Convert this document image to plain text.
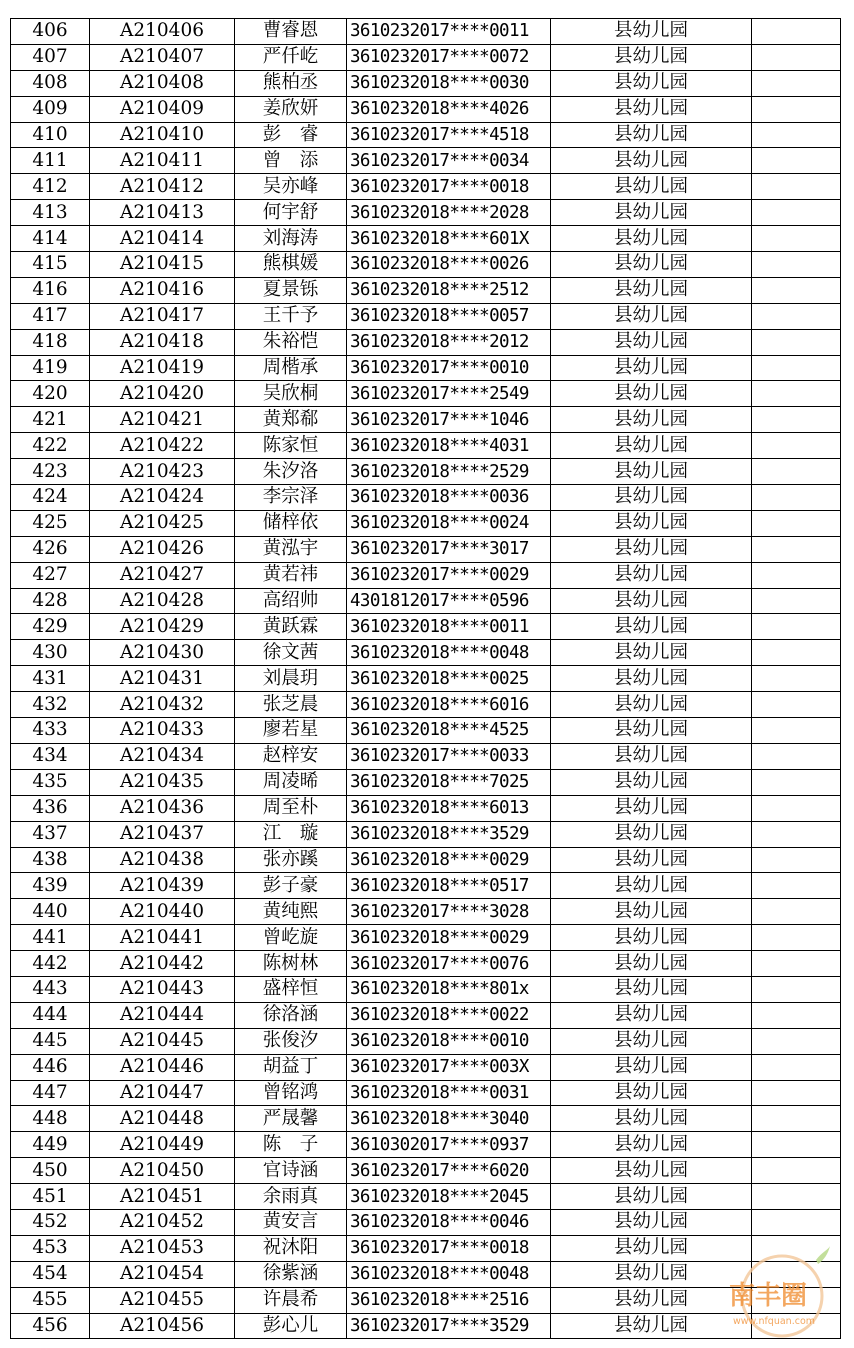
406	A210406	曹睿恩	3610232017****0011	县幼儿园	
407	A210407	严仟屹	3610232017****0072	县幼儿园	
408	A210408	熊柏丞	3610232018****0030	县幼儿园	
409	A210409	姜欣妍	3610232018****4026	县幼儿园	
410	A210410	彭　睿	3610232017****4518	县幼儿园	
411	A210411	曾　添	3610232017****0034	县幼儿园	
412	A210412	吴亦峰	3610232017****0018	县幼儿园	
413	A210413	何宇舒	3610232018****2028	县幼儿园	
414	A210414	刘海涛	3610232018****601X	县幼儿园	
415	A210415	熊棋媛	3610232018****0026	县幼儿园	
416	A210416	夏景铄	3610232018****2512	县幼儿园	
417	A210417	王千予	3610232018****0057	县幼儿园	
418	A210418	朱裕恺	3610232018****2012	县幼儿园	
419	A210419	周楷承	3610232017****0010	县幼儿园	
420	A210420	吴欣桐	3610232017****2549	县幼儿园	
421	A210421	黄郑郗	3610232017****1046	县幼儿园	
422	A210422	陈家恒	3610232018****4031	县幼儿园	
423	A210423	朱汐洛	3610232018****2529	县幼儿园	
424	A210424	李宗泽	3610232018****0036	县幼儿园	
425	A210425	储梓依	3610232018****0024	县幼儿园	
426	A210426	黄泓宇	3610232017****3017	县幼儿园	
427	A210427	黄若祎	3610232017****0029	县幼儿园	
428	A210428	高绍帅	4301812017****0596	县幼儿园	
429	A210429	黄跃霖	3610232018****0011	县幼儿园	
430	A210430	徐文茜	3610232018****0048	县幼儿园	
431	A210431	刘晨玥	3610232018****0025	县幼儿园	
432	A210432	张芝晨	3610232018****6016	县幼儿园	
433	A210433	廖若星	3610232018****4525	县幼儿园	
434	A210434	赵梓安	3610232017****0033	县幼儿园	
435	A210435	周凌晞	3610232018****7025	县幼儿园	
436	A210436	周至朴	3610232018****6013	县幼儿园	
437	A210437	江　璇	3610232018****3529	县幼儿园	
438	A210438	张亦蹊	3610232018****0029	县幼儿园	
439	A210439	彭子豪	3610232018****0517	县幼儿园	
440	A210440	黄纯熙	3610232017****3028	县幼儿园	
441	A210441	曾屹旋	3610232018****0029	县幼儿园	
442	A210442	陈树林	3610232017****0076	县幼儿园	
443	A210443	盛梓恒	3610232018****801x	县幼儿园	
444	A210444	徐洛涵	3610232018****0022	县幼儿园	
445	A210445	张俊汐	3610232018****0010	县幼儿园	
446	A210446	胡益丁	3610232017****003X	县幼儿园	
447	A210447	曾铭鸿	3610232018****0031	县幼儿园	
448	A210448	严晟馨	3610232018****3040	县幼儿园	
449	A210449	陈　子	3610302017****0937	县幼儿园	
450	A210450	官诗涵	3610232017****6020	县幼儿园	
451	A210451	余雨真	3610232018****2045	县幼儿园	
452	A210452	黄安言	3610232018****0046	县幼儿园	
453	A210453	祝沐阳	3610232017****0018	县幼儿园	
454	A210454	徐紫涵	3610232018****0048	县幼儿园	
455	A210455	许晨希	3610232018****2516	县幼儿园	
456	A210456	彭心儿	3610232017****3529	县幼儿园	
南丰圈
www.nfquan.com
